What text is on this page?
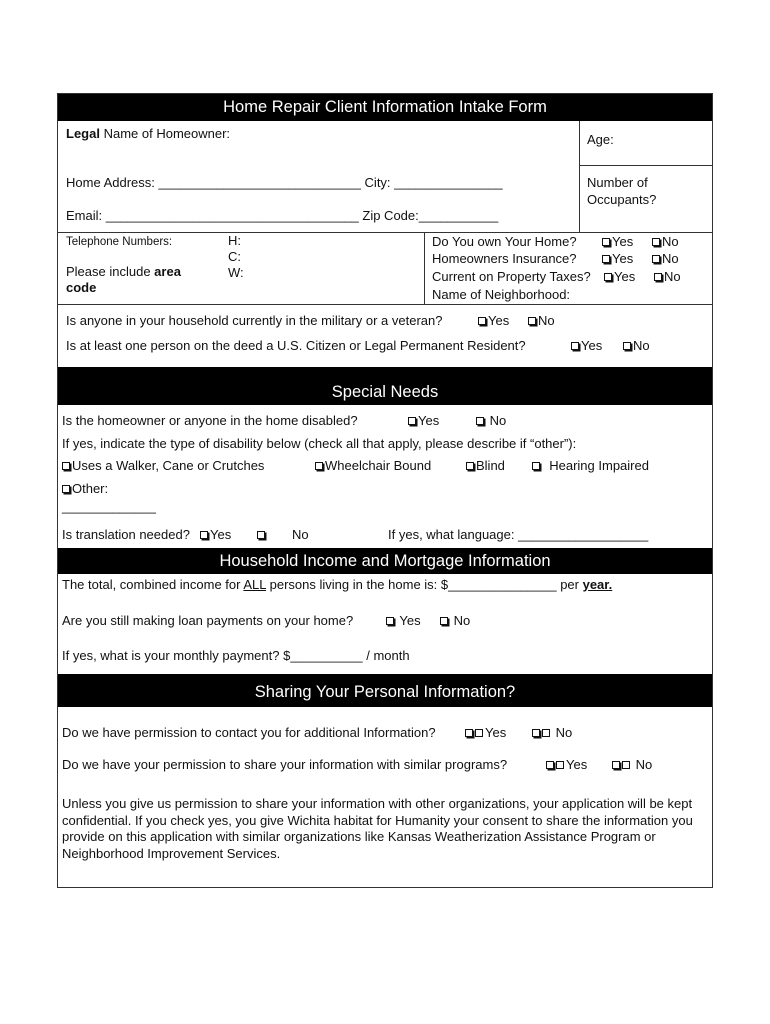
Home Repair Client Information Intake Form
Legal Name of Homeowner:	Age:
Home Address: ____________________________ City: _______________	Number of
Occupants?
Email: ___________________________________ Zip Code:___________
Telephone Numbers:	H:
C:
W:
Please include area
code
Do You own Your Home?	Yes	No
Homeowners Insurance?	Yes	No
Current on Property Taxes?	Yes	No
Name of Neighborhood:
Is anyone in your household currently in the military or a veteran?	Yes	No
Is at least one person on the deed a U.S. Citizen or Legal Permanent Resident?	Yes	No
Special Needs
Is the homeowner or anyone in the home disabled?	Yes	No
If yes, indicate the type of disability below (check all that apply, please describe if “other”):
Uses a Walker, Cane or Crutches	Wheelchair Bound	Blind	Hearing Impaired
Other:
_____________
Is translation needed?	Yes	No	If yes, what language: __________________
Household Income and Mortgage Information
The total, combined income for ALL persons living in the home is: $_______________ per year.
Are you still making loan payments on your home?	Yes	No
If yes, what is your monthly payment? $__________ / month
Sharing Your Personal Information?
Do we have permission to contact you for additional Information?	Yes	No
Do we have your permission to share your information with similar programs?	Yes	No
Unless you give us permission to share your information with other organizations, your application will be kept confidential. If you check yes, you give Wichita habitat for Humanity your consent to share the information you provide on this application with similar organizations like Kansas Weatherization Assistance Program or Neighborhood Improvement Services.
